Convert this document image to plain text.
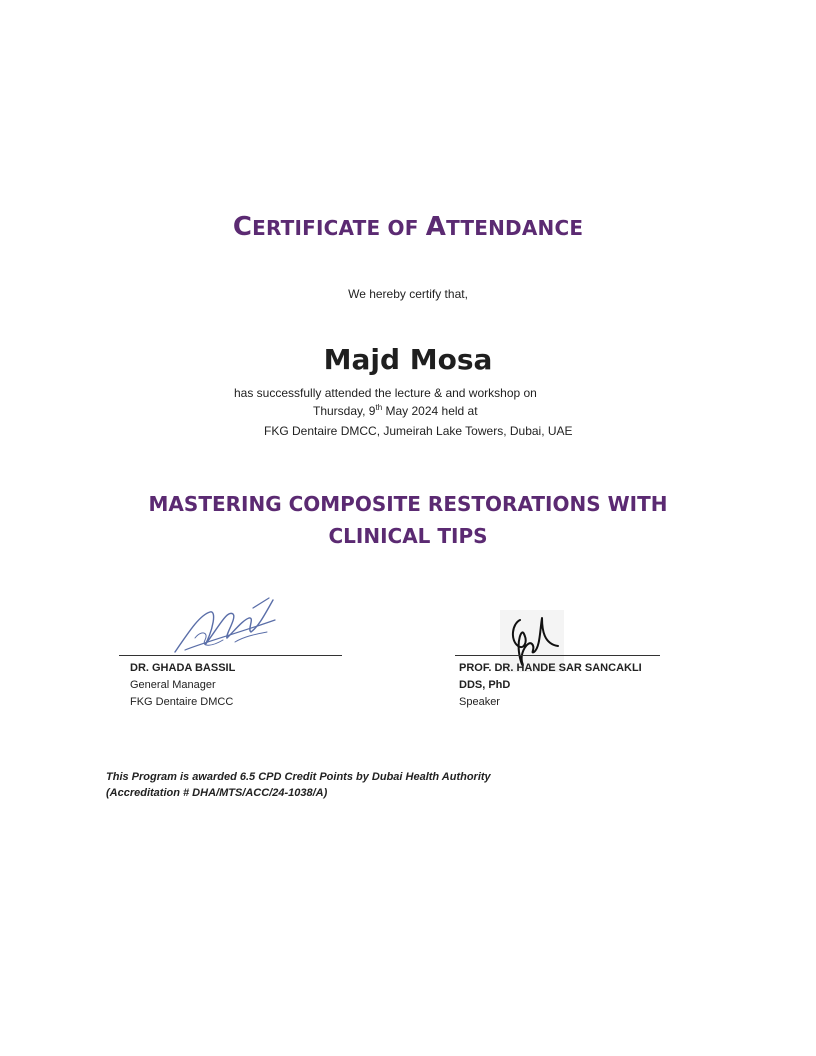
CERTIFICATE OF ATTENDANCE
We hereby certify that,
Majd Mosa
has successfully attended the lecture & and workshop on
Thursday, 9th May 2024 held at
FKG Dentaire DMCC, Jumeirah Lake Towers, Dubai, UAE
MASTERING COMPOSITE RESTORATIONS WITH
CLINICAL TIPS
DR. GHADA BASSIL
General Manager
FKG Dentaire DMCC
PROF. DR. HANDE SAR SANCAKLI
DDS, PhD
Speaker
This Program is awarded 6.5 CPD Credit Points by Dubai Health Authority
(Accreditation # DHA/MTS/ACC/24-1038/A)
